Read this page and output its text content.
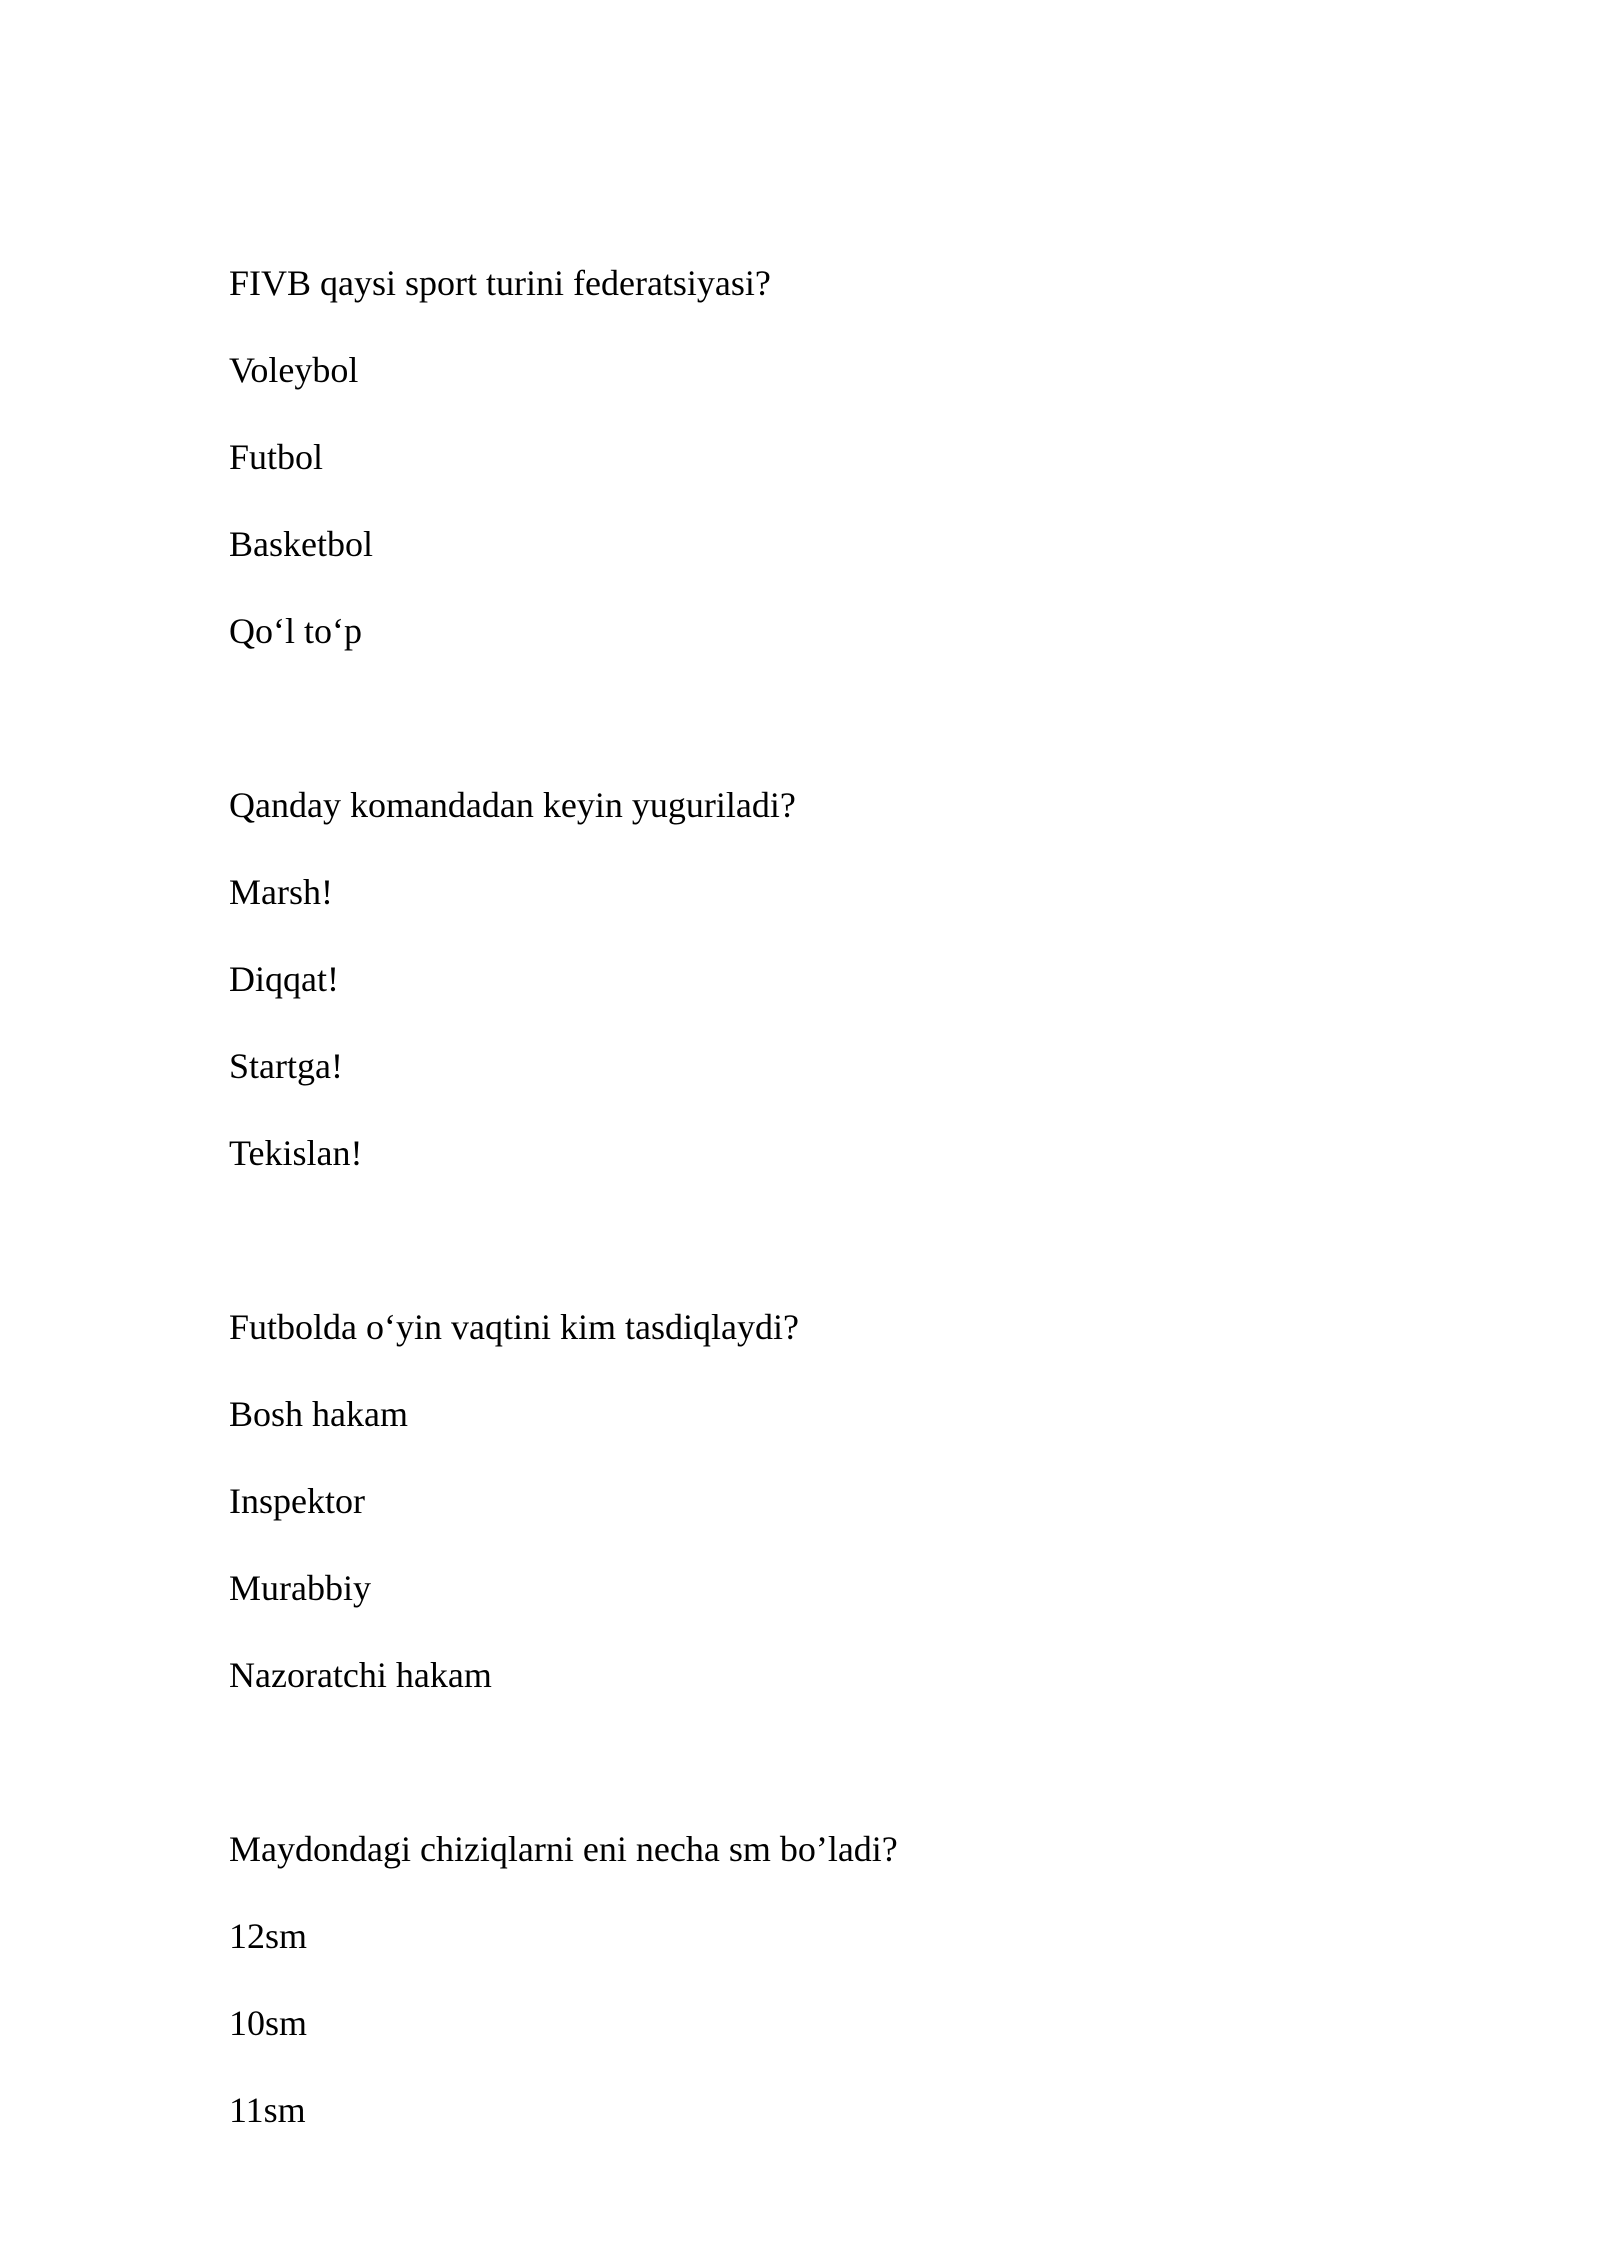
FIVB qaysi sport turini federatsiyasi?
Voleybol
Futbol
Basketbol
Qo‘l to‘p
Qanday komandadan keyin yuguriladi?
Marsh!
Diqqat!
Startga!
Tekislan!
Futbolda o‘yin vaqtini kim tasdiqlaydi?
Bosh hakam
Inspektor
Murabbiy
Nazoratchi hakam
Maydondagi chiziqlarni eni necha sm bo’ladi?
12sm
10sm
11sm
